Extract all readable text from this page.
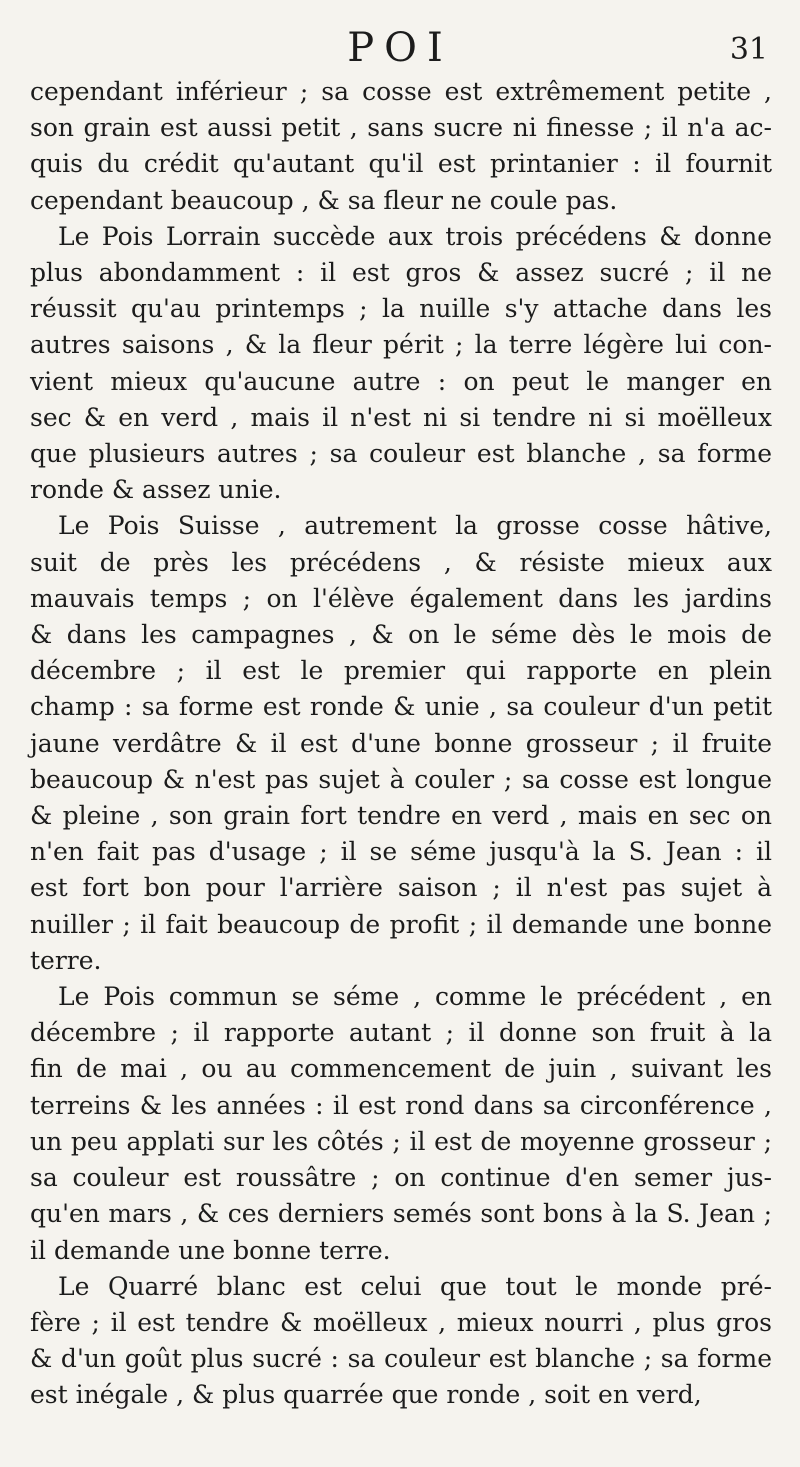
POI	31
cependant inférieur ; sa cosse est extrêmement petite ,
son grain est aussi petit , sans sucre ni finesse ; il n'a ac-
quis du crédit qu'autant qu'il est printanier : il fournit
cependant beaucoup , & sa fleur ne coule pas.
Le Pois Lorrain succède aux trois précédens & donne
plus abondamment : il est gros & assez sucré ; il ne
réussit qu'au printemps ; la nuille s'y attache dans les
autres saisons , & la fleur périt ; la terre légère lui con-
vient mieux qu'aucune autre : on peut le manger en
sec & en verd , mais il n'est ni si tendre ni si moëlleux
que plusieurs autres ; sa couleur est blanche , sa forme
ronde & assez unie.
Le Pois Suisse , autrement la grosse cosse hâtive,
suit de près les précédens , & résiste mieux aux
mauvais temps ; on l'élève également dans les jardins
& dans les campagnes , & on le séme dès le mois de
décembre ; il est le premier qui rapporte en plein
champ : sa forme est ronde & unie , sa couleur d'un petit
jaune verdâtre & il est d'une bonne grosseur ; il fruite
beaucoup & n'est pas sujet à couler ; sa cosse est longue
& pleine , son grain fort tendre en verd , mais en sec on
n'en fait pas d'usage ; il se séme jusqu'à la S. Jean : il
est fort bon pour l'arrière saison ; il n'est pas sujet à
nuiller ; il fait beaucoup de profit ; il demande une bonne
terre.
Le Pois commun se séme , comme le précédent , en
décembre ; il rapporte autant ; il donne son fruit à la
fin de mai , ou au commencement de juin , suivant les
terreins & les années : il est rond dans sa circonférence ,
un peu applati sur les côtés ; il est de moyenne grosseur ;
sa couleur est roussâtre ; on continue d'en semer jus-
qu'en mars , & ces derniers semés sont bons à la S. Jean ;
il demande une bonne terre.
Le Quarré blanc est celui que tout le monde pré-
fère ; il est tendre & moëlleux , mieux nourri , plus gros
& d'un goût plus sucré : sa couleur est blanche ; sa forme
est inégale , & plus quarrée que ronde , soit en verd,
